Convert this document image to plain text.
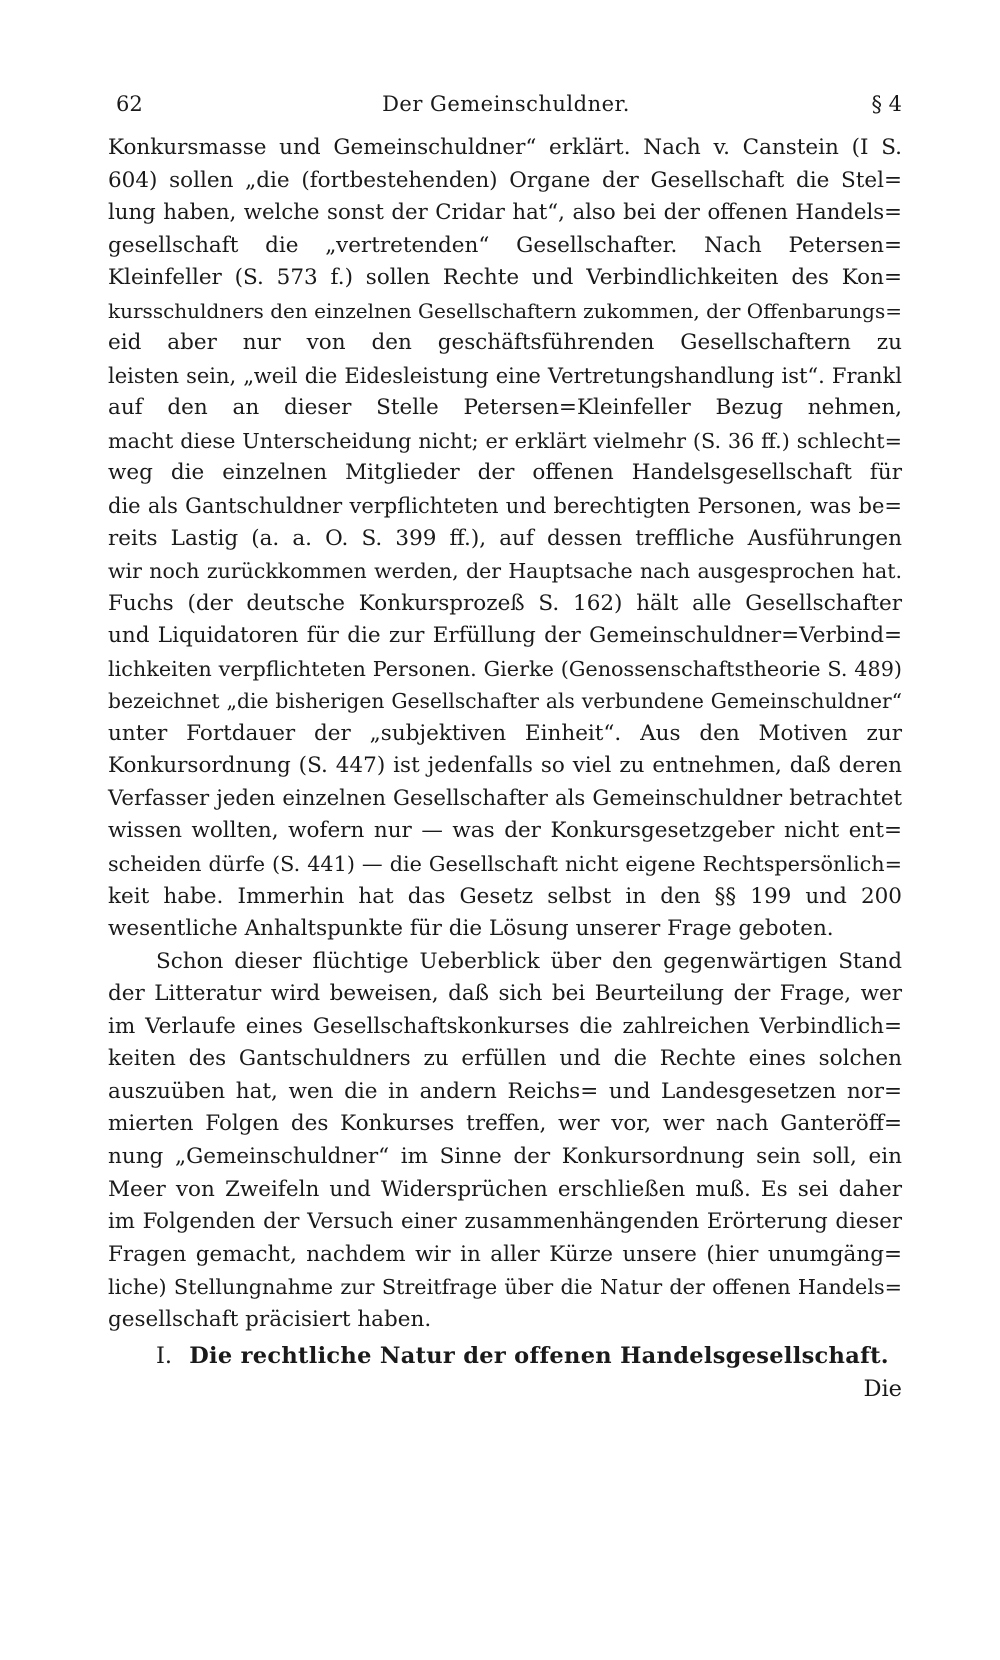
62	Der Gemeinschuldner.	§ 4
Konkursmasse und Gemeinschuldner“ erklärt. Nach v. Canstein (I S.
604) sollen „die (fortbestehenden) Organe der Gesellschaft die Stel=
lung haben, welche sonst der Cridar hat“, also bei der offenen Handels=
gesellschaft die „vertretenden“ Gesellschafter. Nach Petersen=
Kleinfeller (S. 573 f.) sollen Rechte und Verbindlichkeiten des Kon=
kursschuldners den einzelnen Gesellschaftern zukommen, der Offenbarungs=
eid aber nur von den geschäftsführenden Gesellschaftern zu
leisten sein, „weil die Eidesleistung eine Vertretungshandlung ist“. Frankl
auf den an dieser Stelle Petersen=Kleinfeller Bezug nehmen,
macht diese Unterscheidung nicht; er erklärt vielmehr (S. 36 ff.) schlecht=
weg die einzelnen Mitglieder der offenen Handelsgesellschaft für
die als Gantschuldner verpflichteten und berechtigten Personen, was be=
reits Lastig (a. a. O. S. 399 ff.), auf dessen treffliche Ausführungen
wir noch zurückkommen werden, der Hauptsache nach ausgesprochen hat.
Fuchs (der deutsche Konkursprozeß S. 162) hält alle Gesellschafter
und Liquidatoren für die zur Erfüllung der Gemeinschuldner=Verbind=
lichkeiten verpflichteten Personen. Gierke (Genossenschaftstheorie S. 489)
bezeichnet „die bisherigen Gesellschafter als verbundene Gemeinschuldner“
unter Fortdauer der „subjektiven Einheit“. Aus den Motiven zur
Konkursordnung (S. 447) ist jedenfalls so viel zu entnehmen, daß deren
Verfasser jeden einzelnen Gesellschafter als Gemeinschuldner betrachtet
wissen wollten, wofern nur — was der Konkursgesetzgeber nicht ent=
scheiden dürfe (S. 441) — die Gesellschaft nicht eigene Rechtspersönlich=
keit habe. Immerhin hat das Gesetz selbst in den §§ 199 und 200
wesentliche Anhaltspunkte für die Lösung unserer Frage geboten.
Schon dieser flüchtige Ueberblick über den gegenwärtigen Stand
der Litteratur wird beweisen, daß sich bei Beurteilung der Frage, wer
im Verlaufe eines Gesellschaftskonkurses die zahlreichen Verbindlich=
keiten des Gantschuldners zu erfüllen und die Rechte eines solchen
auszuüben hat, wen die in andern Reichs= und Landesgesetzen nor=
mierten Folgen des Konkurses treffen, wer vor, wer nach Ganteröff=
nung „Gemeinschuldner“ im Sinne der Konkursordnung sein soll, ein
Meer von Zweifeln und Widersprüchen erschließen muß. Es sei daher
im Folgenden der Versuch einer zusammenhängenden Erörterung dieser
Fragen gemacht, nachdem wir in aller Kürze unsere (hier unumgäng=
liche) Stellungnahme zur Streitfrage über die Natur der offenen Handels=
gesellschaft präcisiert haben.
I. Die rechtliche Natur der offenen Handelsgesellschaft.
Die
